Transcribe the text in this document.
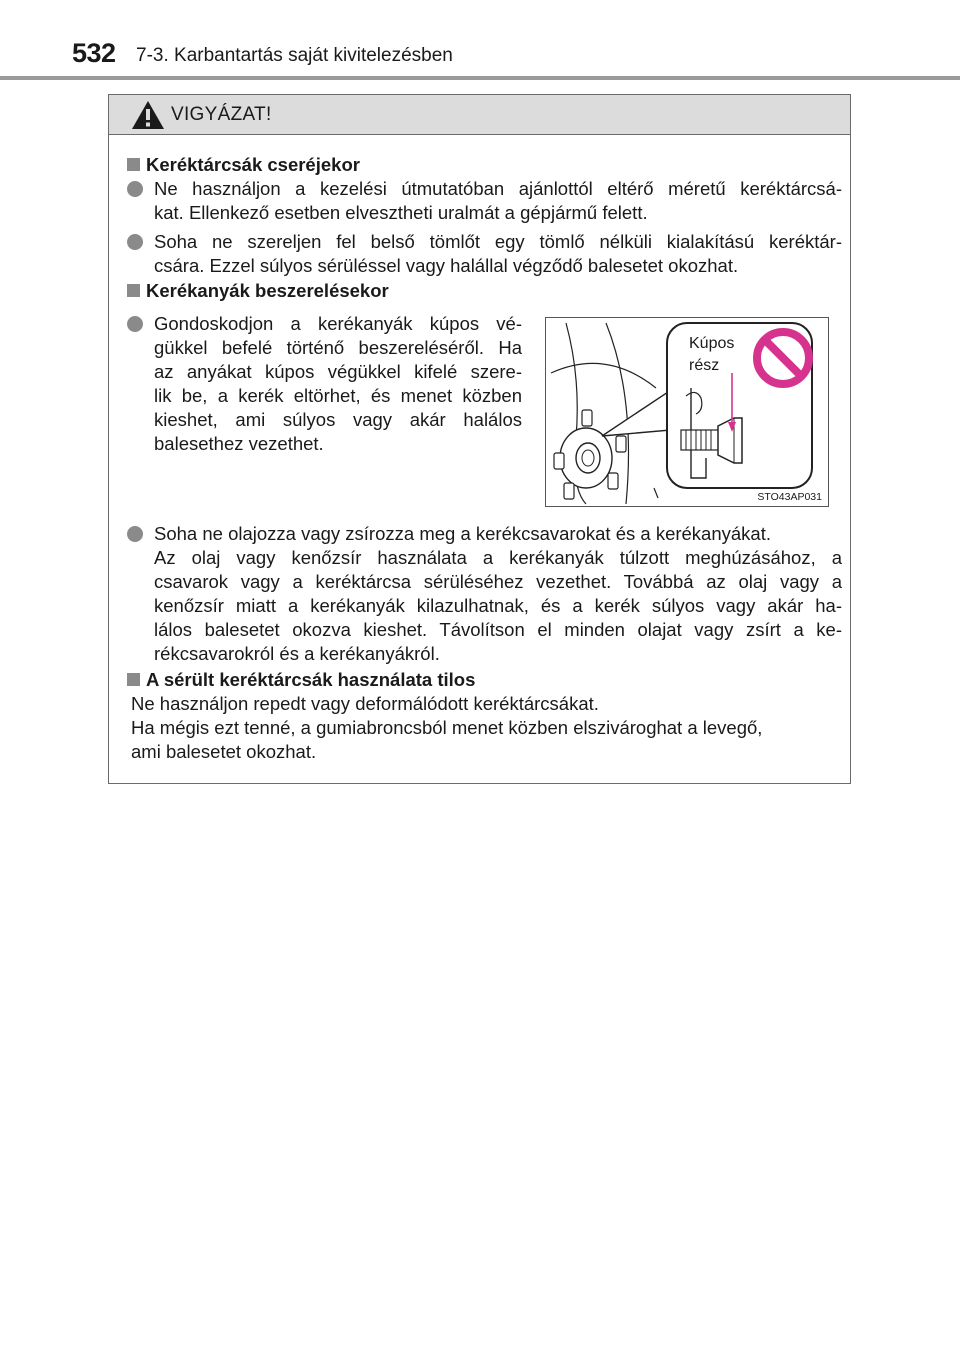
532 7-3. Karbantartás saját kivitelezésben
VIGYÁZAT!
Keréktárcsák cseréjekor
Ne használjon a kezelési útmutatóban ajánlottól eltérő méretű keréktárcsá-
kat. Ellenkező esetben elvesztheti uralmát a gépjármű felett.
Soha ne szereljen fel belső tömlőt egy tömlő nélküli kialakítású keréktár-
csára. Ezzel súlyos sérüléssel vagy halállal végződő balesetet okozhat.
Kerékanyák beszerelésekor
Gondoskodjon a kerékanyák kúpos vé-
gükkel befelé történő beszereléséről. Ha
az anyákat kúpos végükkel kifelé szere-
lik be, a kerék eltörhet, és menet közben
kieshet, ami súlyos vagy akár halálos
balesethez vezethet.
Kúpos
rész
STO43AP031
Soha ne olajozza vagy zsírozza meg a kerékcsavarokat és a kerékanyákat.
Az olaj vagy kenőzsír használata a kerékanyák túlzott meghúzásához, a
csavarok vagy a keréktárcsa sérüléséhez vezethet. Továbbá az olaj vagy a
kenőzsír miatt a kerékanyák kilazulhatnak, és a kerék súlyos vagy akár ha-
lálos balesetet okozva kieshet. Távolítson el minden olajat vagy zsírt a ke-
rékcsavarokról és a kerékanyákról.
A sérült keréktárcsák használata tilos
Ne használjon repedt vagy deformálódott keréktárcsákat.
Ha mégis ezt tenné, a gumiabroncsból menet közben elszivároghat a levegő,
ami balesetet okozhat.
